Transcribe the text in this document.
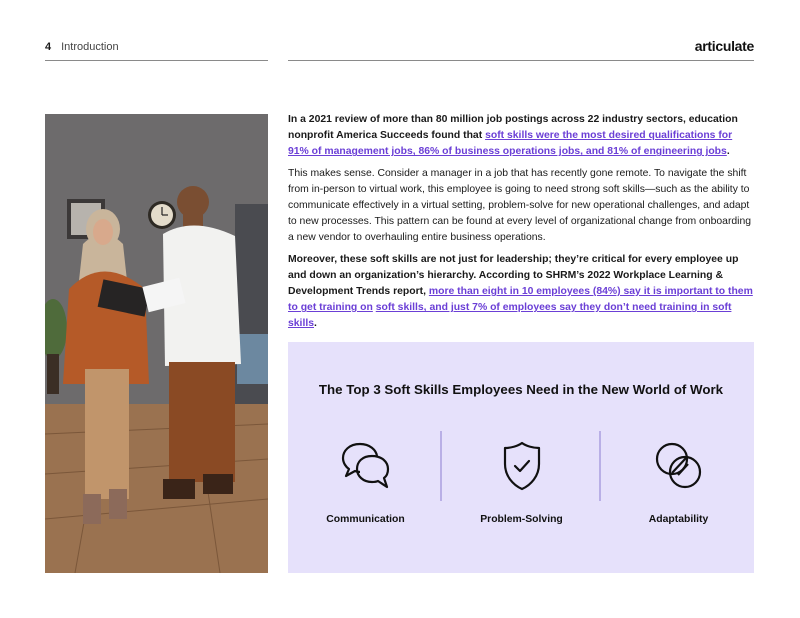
4 Introduction	articulate

In a 2021 review of more than 80 million job postings across 22 industry sectors, education nonprofit America Succeeds found that soft skills were the most desired qualifications for 91% of management jobs, 86% of business operations jobs, and 81% of engineering jobs.

This makes sense. Consider a manager in a job that has recently gone remote. To navigate the shift from in-person to virtual work, this employee is going to need strong soft skills—such as the ability to communicate effectively in a virtual setting, problem-solve for new operational challenges, and adapt to new processes. This pattern can be found at every level of organizational change from onboarding a new vendor to overhauling entire business operations.

Moreover, these soft skills are not just for leadership; they’re critical for every employee up and down an organization’s hierarchy. According to SHRM’s 2022 Workplace Learning & Development Trends report, more than eight in 10 employees (84%) say it is important to them to get training on soft skills, and just 7% of employees say they don’t need training in soft skills.

The Top 3 Soft Skills Employees Need in the New World of Work
Communication	Problem-Solving	Adaptability
